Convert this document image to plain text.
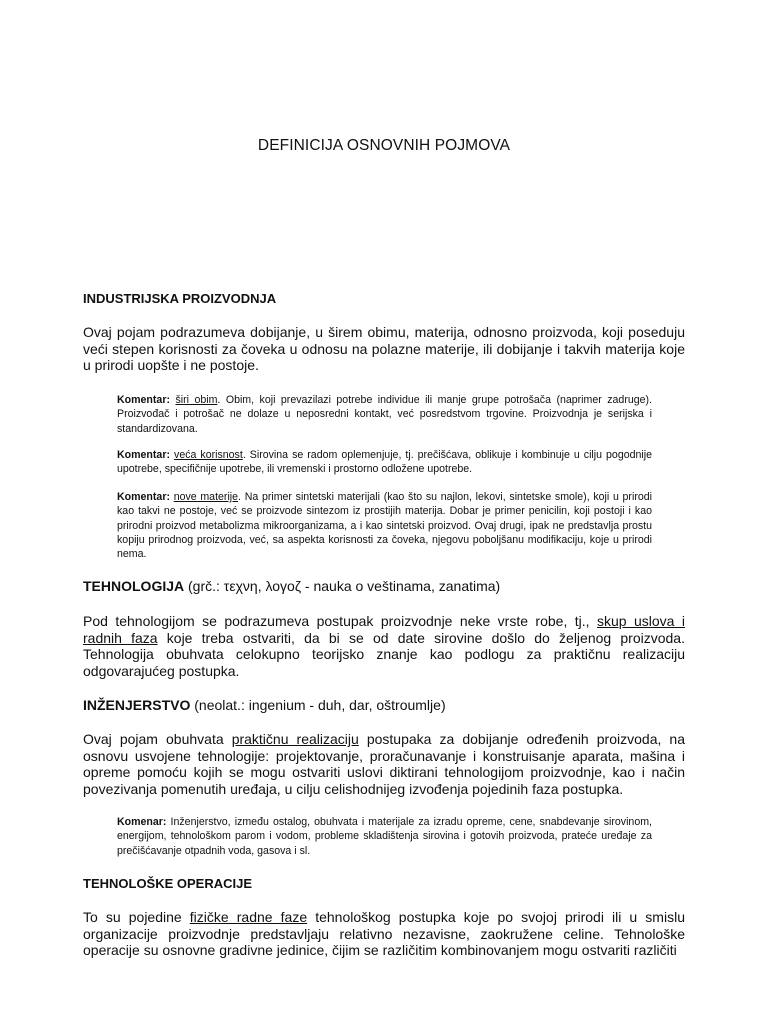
DEFINICIJA OSNOVNIH POJMOVA
INDUSTRIJSKA PROIZVODNJA
Ovaj pojam podrazumeva dobijanje, u širem obimu, materija, odnosno proizvoda, koji poseduju veći stepen korisnosti za čoveka u odnosu na polazne materije, ili dobijanje i takvih materija koje u prirodi uopšte i ne postoje.
Komentar: širi obim. Obim, koji prevazilazi potrebe individue ili manje grupe potrošača (naprimer zadruge). Proizvođač i potrošač ne dolaze u neposredni kontakt, već posredstvom trgovine. Proizvodnja je serijska i standardizovana.
Komentar: veća korisnost. Sirovina se radom oplemenjuje, tj. prečišćava, oblikuje i kombinuje u cilju pogodnije upotrebe, specifičnije upotrebe, ili vremenski i prostorno odložene upotrebe.
Komentar: nove materije. Na primer sintetski materijali (kao što su najlon, lekovi, sintetske smole), koji u prirodi kao takvi ne postoje, već se proizvode sintezom iz prostijih materija. Dobar je primer penicilin, koji postoji i kao prirodni proizvod metabolizma mikroorganizama, a i kao sintetski proizvod. Ovaj drugi, ipak ne predstavlja prostu kopiju prirodnog proizvoda, već, sa aspekta korisnosti za čoveka, njegovu poboljšanu modifikaciju, koje u prirodi nema.
TEHNOLOGIJA (grč.: τεχνη, λογοζ - nauka o veštinama, zanatima)
Pod tehnologijom se podrazumeva postupak proizvodnje neke vrste robe, tj., skup uslova i radnih faza koje treba ostvariti, da bi se od date sirovine došlo do željenog proizvoda. Tehnologija obuhvata celokupno teorijsko znanje kao podlogu za praktičnu realizaciju odgovarajućeg postupka.
INŽENJERSTVO (neolat.: ingenium - duh, dar, oštroumlje)
Ovaj pojam obuhvata praktičnu realizaciju postupaka za dobijanje određenih proizvoda, na osnovu usvojene tehnologije: projektovanje, proračunavanje i konstruisanje aparata, mašina i opreme pomoću kojih se mogu ostvariti uslovi diktirani tehnologijom proizvodnje, kao i način povezivanja pomenutih uređaja, u cilju celishodnijeg izvođenja pojedinih faza postupka.
Komenar: Inženjerstvo, između ostalog, obuhvata i materijale za izradu opreme, cene, snabdevanje sirovinom, energijom, tehnološkom parom i vodom, probleme skladištenja sirovina i gotovih proizvoda, prateće uređaje za prečišćavanje otpadnih voda, gasova i sl.
TEHNOLOŠKE OPERACIJE
To su pojedine fizičke radne faze tehnološkog postupka koje po svojoj prirodi ili u smislu organizacije proizvodnje predstavljaju relativno nezavisne, zaokružene celine. Tehnološke operacije su osnovne gradivne jedinice, čijim se različitim kombinovanjem mogu ostvariti različiti
